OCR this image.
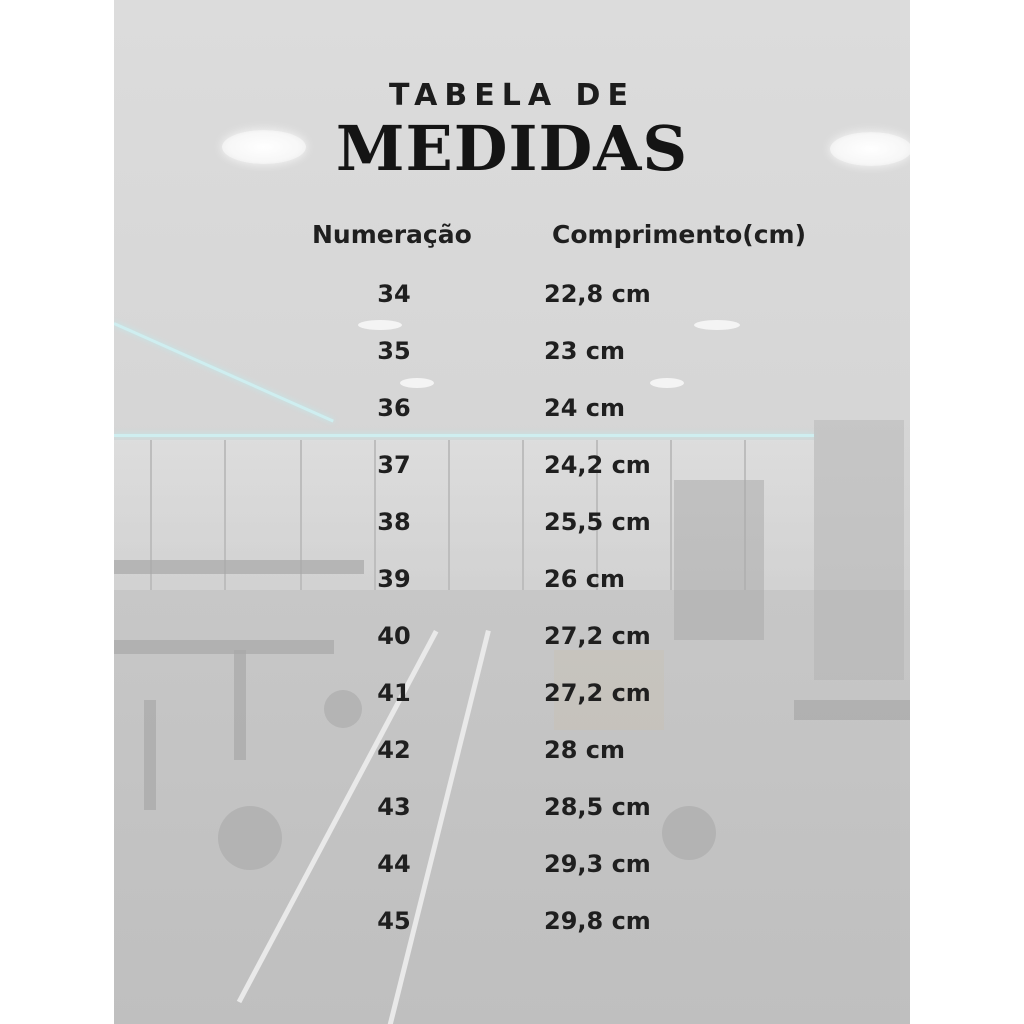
TABELA DE
MEDIDAS
Numeração	Comprimento(cm)
34	22,8 cm
35	23 cm
36	24 cm
37	24,2 cm
38	25,5 cm
39	26 cm
40	27,2 cm
41	27,2 cm
42	28 cm
43	28,5 cm
44	29,3 cm
45	29,8 cm
